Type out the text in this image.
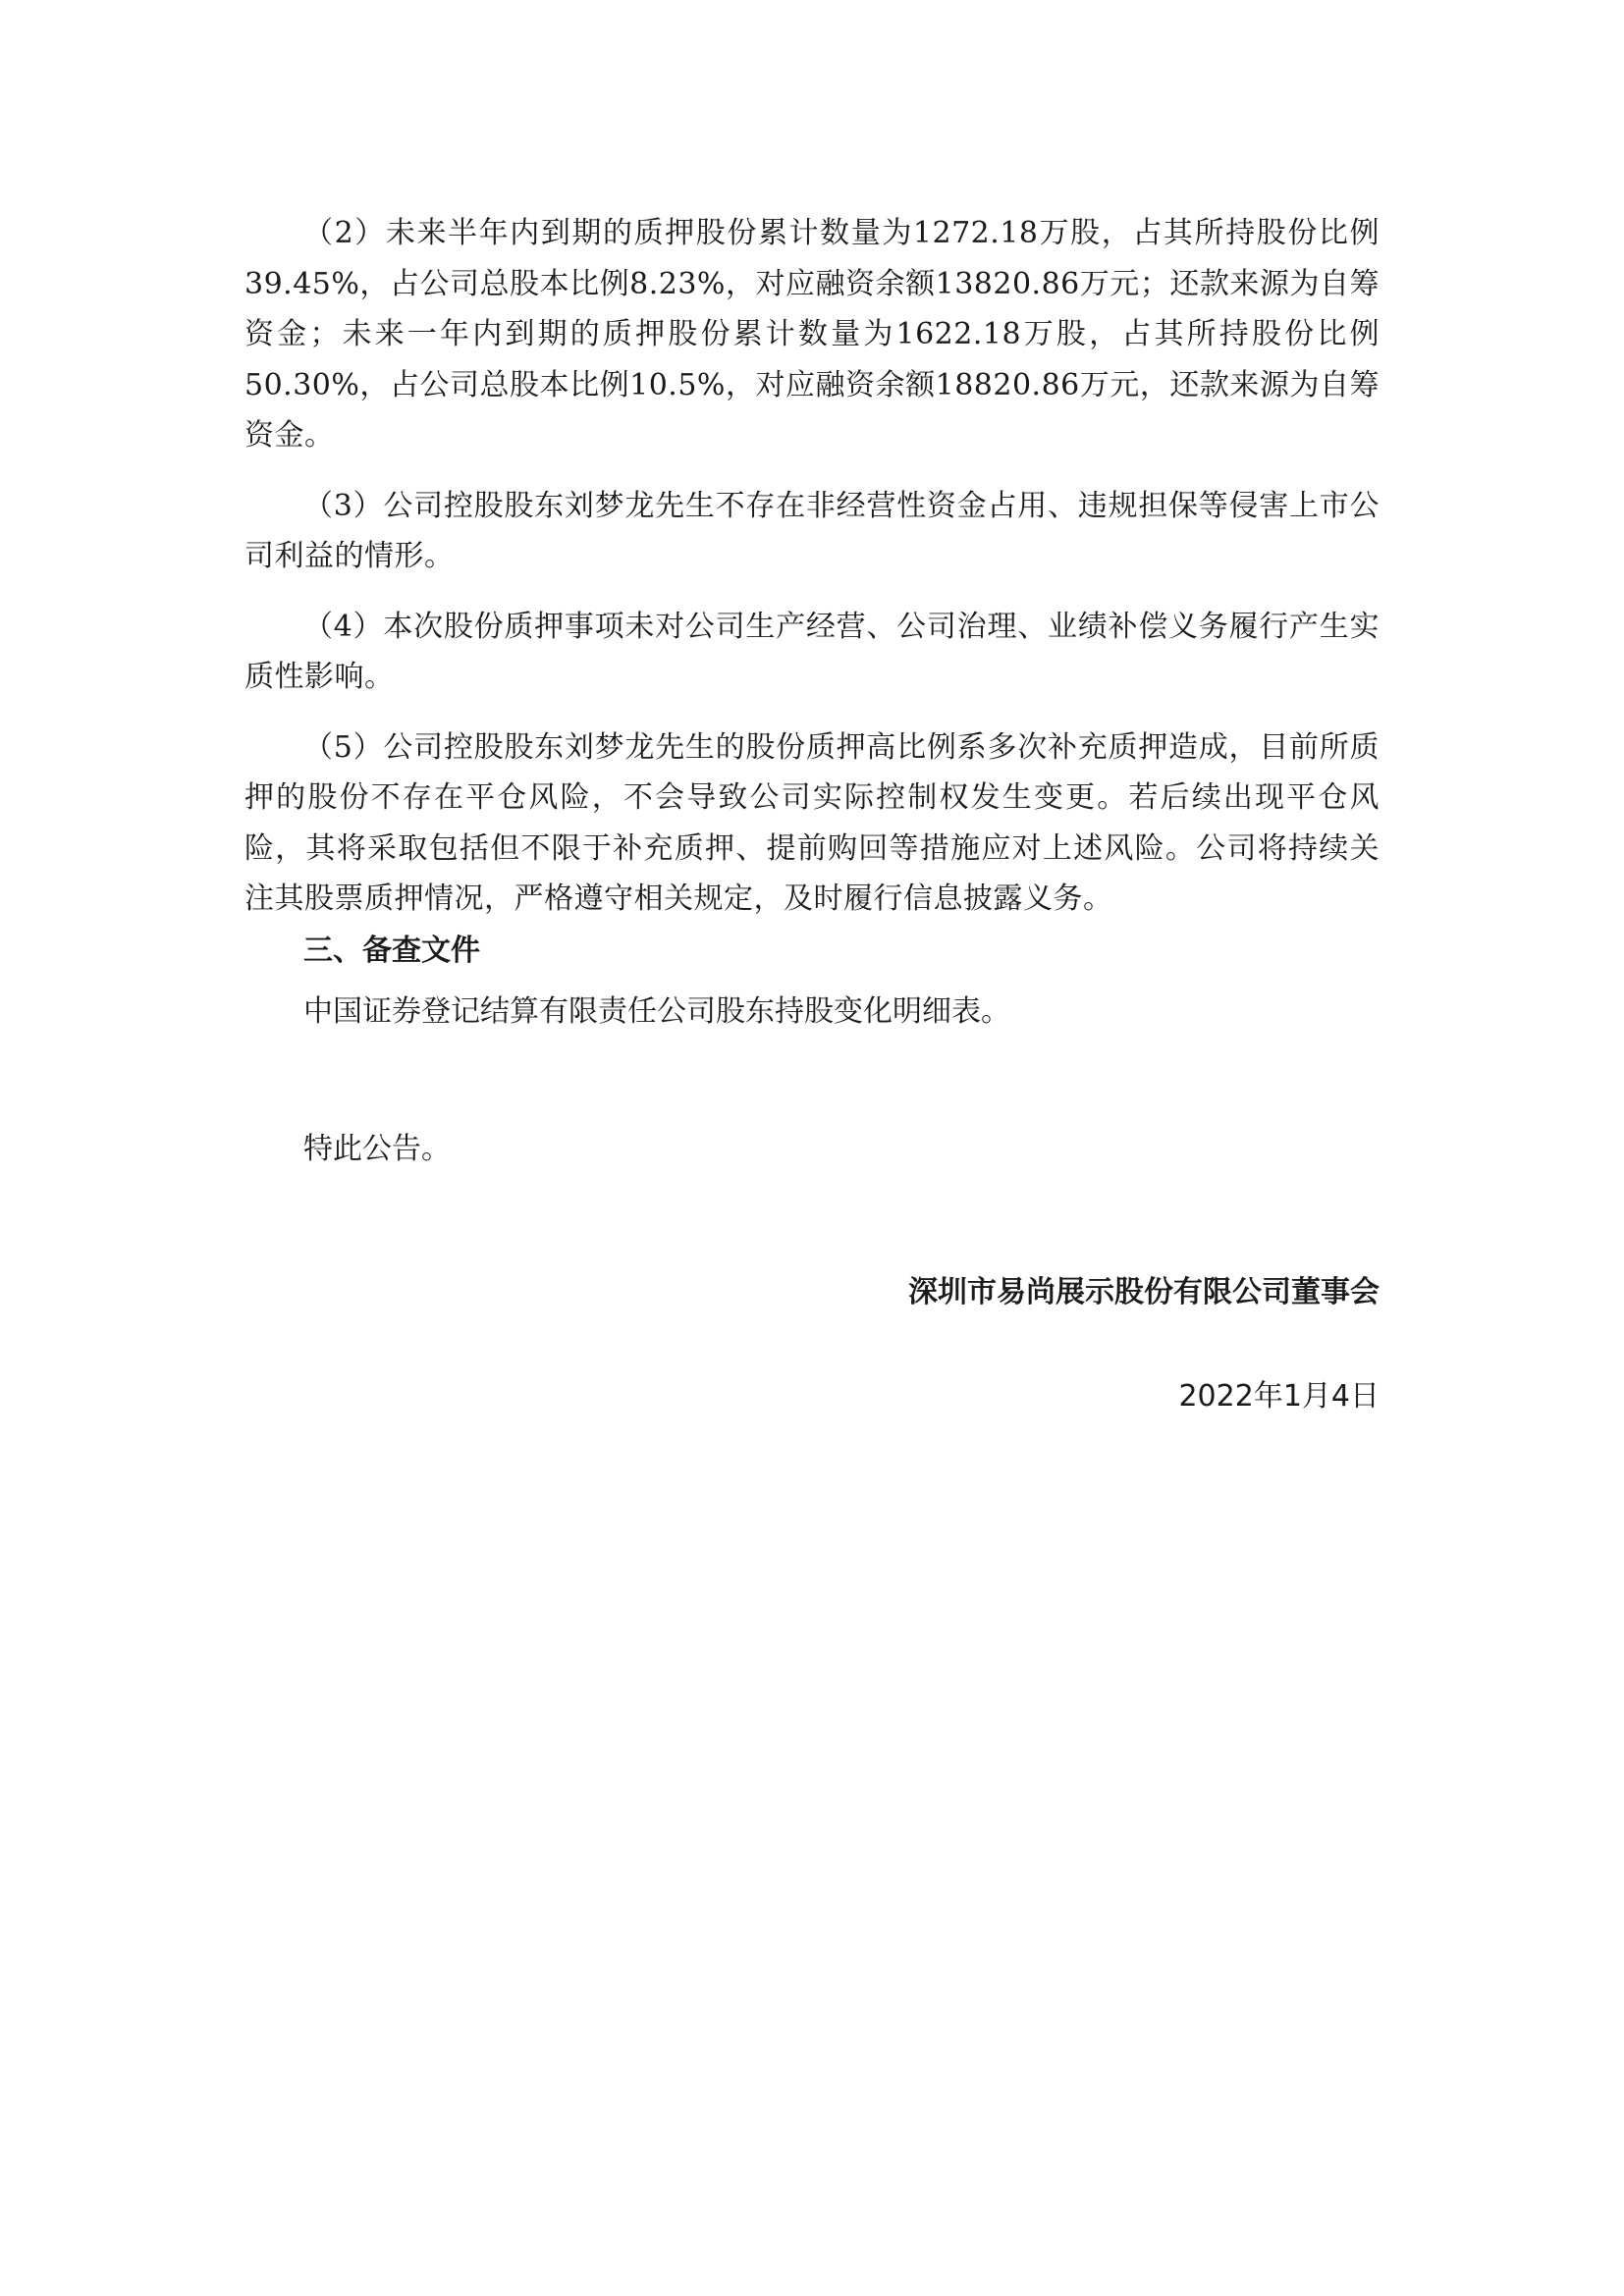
（2）未来半年内到期的质押股份累计数量为1272.18万股，占其所持股份比例39.45%，占公司总股本比例8.23%，对应融资余额13820.86万元；还款来源为自筹资金；未来一年内到期的质押股份累计数量为1622.18万股，占其所持股份比例50.30%，占公司总股本比例10.5%，对应融资余额18820.86万元，还款来源为自筹资金。

（3）公司控股股东刘梦龙先生不存在非经营性资金占用、违规担保等侵害上市公司利益的情形。

（4）本次股份质押事项未对公司生产经营、公司治理、业绩补偿义务履行产生实质性影响。

（5）公司控股股东刘梦龙先生的股份质押高比例系多次补充质押造成，目前所质押的股份不存在平仓风险，不会导致公司实际控制权发生变更。若后续出现平仓风险，其将采取包括但不限于补充质押、提前购回等措施应对上述风险。公司将持续关注其股票质押情况，严格遵守相关规定，及时履行信息披露义务。

三、备查文件

中国证券登记结算有限责任公司股东持股变化明细表。

特此公告。

深圳市易尚展示股份有限公司董事会
2022年1月4日
